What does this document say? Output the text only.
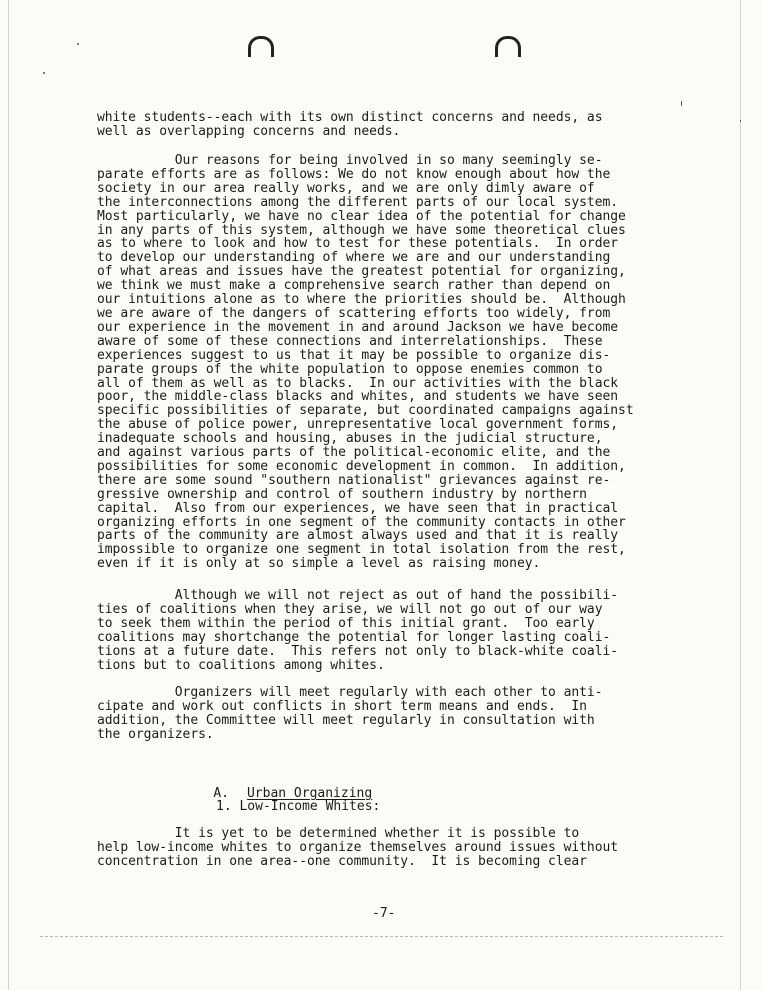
white students--each with its own distinct concerns and needs, as
well as overlapping concerns and needs.
Our reasons for being involved in so many seemingly se-
parate efforts are as follows: We do not know enough about how the
society in our area really works, and we are only dimly aware of
the interconnections among the different parts of our local system.
Most particularly, we have no clear idea of the potential for change
in any parts of this system, although we have some theoretical clues
as to where to look and how to test for these potentials.  In order
to develop our understanding of where we are and our understanding
of what areas and issues have the greatest potential for organizing,
we think we must make a comprehensive search rather than depend on
our intuitions alone as to where the priorities should be.  Although
we are aware of the dangers of scattering efforts too widely, from
our experience in the movement in and around Jackson we have become
aware of some of these connections and interrelationships.  These
experiences suggest to us that it may be possible to organize dis-
parate groups of the white population to oppose enemies common to
all of them as well as to blacks.  In our activities with the black
poor, the middle-class blacks and whites, and students we have seen
specific possibilities of separate, but coordinated campaigns against
the abuse of police power, unrepresentative local government forms,
inadequate schools and housing, abuses in the judicial structure,
and against various parts of the political-economic elite, and the
possibilities for some economic development in common.  In addition,
there are some sound "southern nationalist" grievances against re-
gressive ownership and control of southern industry by northern
capital.  Also from our experiences, we have seen that in practical
organizing efforts in one segment of the community contacts in other
parts of the community are almost always used and that it is really
impossible to organize one segment in total isolation from the rest,
even if it is only at so simple a level as raising money.
Although we will not reject as out of hand the possibili-
ties of coalitions when they arise, we will not go out of our way
to seek them within the period of this initial grant.  Too early
coalitions may shortchange the potential for longer lasting coali-
tions at a future date.  This refers not only to black-white coali-
tions but to coalitions among whites.
Organizers will meet regularly with each other to anti-
cipate and work out conflicts in short term means and ends.  In
addition, the Committee will meet regularly in consultation with
the organizers.

A. Urban Organizing

1. Low-Income Whites:
It is yet to be determined whether it is possible to
help low-income whites to organize themselves around issues without
concentration in one area--one community.  It is becoming clear
-7-
